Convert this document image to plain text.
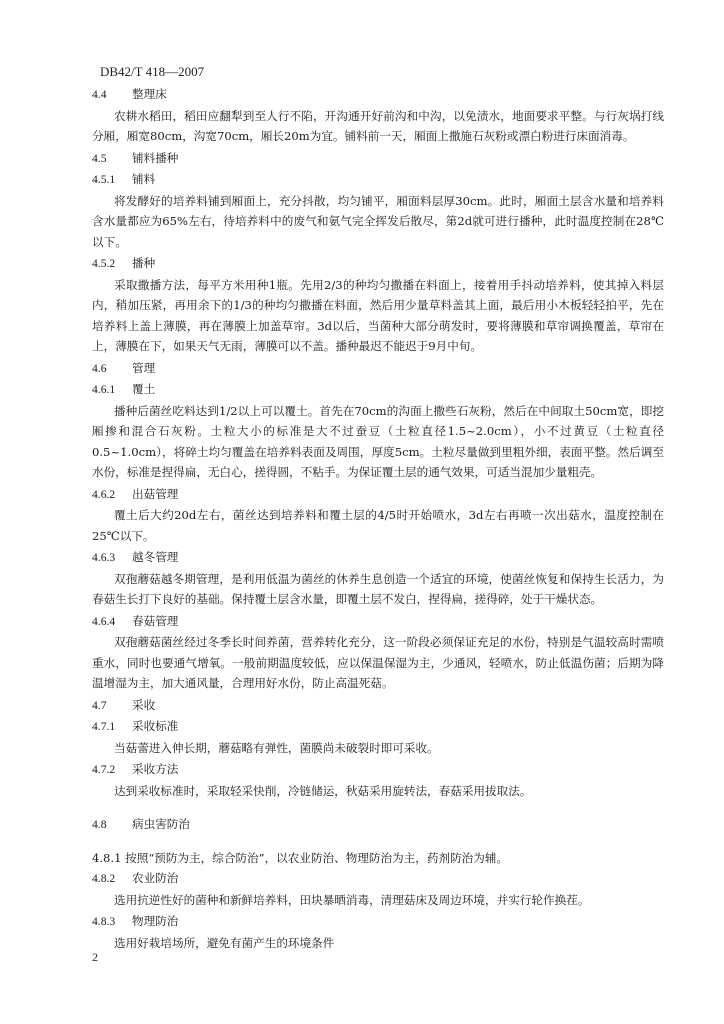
DB42/T 418—2007
4.4 整理床

农耕水稻田，稻田应翻犁到至人行不陷，开沟通开好前沟和中沟，以免渍水，地面要求平整。与行灰埚打线分厢，厢宽80cm，沟宽70cm，厢长20m为宜。铺料前一天，厢面上撒施石灰粉或漂白粉进行床面消毒。

4.5 铺料播种
4.5.1 铺料

将发酵好的培养料铺到厢面上，充分抖散，均匀铺平，厢面料层厚30cm。此时，厢面土层含水量和培养料含水量都应为65%左右，待培养料中的废气和氨气完全挥发后散尽，第2d就可进行播种，此时温度控制在28℃以下。

4.5.2 播种

采取撒播方法，每平方米用种1瓶。先用2/3的种均匀撒播在料面上，接着用手抖动培养料，使其掉入料层内，稍加压紧，再用余下的1/3的种均匀撒播在料面，然后用少量草料盖其上面，最后用小木板轻轻拍平，先在培养料上盖上薄膜，再在薄膜上加盖草帘。3d以后，当菌种大部分萌发时，要将薄膜和草帘调换覆盖，草帘在上，薄膜在下，如果天气无雨，薄膜可以不盖。播种最迟不能迟于9月中旬。

4.6 管理
4.6.1 覆土

播种后菌丝吃料达到1/2以上可以覆土。首先在70cm的沟面上撒些石灰粉，然后在中间取土50cm宽，即挖厢掺和混合石灰粉。土粒大小的标准是大不过蚕豆（土粒直径1.5~2.0cm），小不过黄豆（土粒直径0.5~1.0cm），将碎土均匀覆盖在培养料表面及周围，厚度5cm。土粒尽量做到里粗外细，表面平整。然后调至水份，标准是捏得扁，无白心，搓得圆，不粘手。为保证覆土层的通气效果，可适当混加少量粗壳。

4.6.2 出菇管理

覆土后大约20d左右，菌丝达到培养料和覆土层的4/5时开始喷水，3d左右再喷一次出菇水，温度控制在25℃以下。

4.6.3 越冬管理

双孢蘑菇越冬期管理，是利用低温为菌丝的休养生息创造一个适宜的环境，使菌丝恢复和保持生长活力，为春菇生长打下良好的基础。保持覆土层含水量，即覆土层不发白，捏得扁，搓得碎，处于干燥状态。

4.6.4 春菇管理

双孢蘑菇菌丝经过冬季长时间养菌，营养转化充分，这一阶段必须保证充足的水份，特别是气温较高时需喷重水，同时也要通气增氧。一般前期温度较低，应以保温保湿为主，少通风，轻喷水，防止低温伤菌；后期为降温增湿为主，加大通风量，合理用好水份，防止高温死菇。

4.7 采收
4.7.1 采收标准

当菇蕾进入伸长期，蘑菇略有弹性，菌膜尚未破裂时即可采收。

4.7.2 采收方法

达到采收标准时，采取轻采快削，冷链储运，秋菇采用旋转法，春菇采用拔取法。

4.8 病虫害防治

4.8.1 按照“预防为主，综合防治”，以农业防治、物理防治为主，药剂防治为辅。

4.8.2 农业防治

选用抗逆性好的菌种和新鲜培养料，田块暴晒消毒，清理菇床及周边环境，并实行轮作换茬。

4.8.3 物理防治

选用好栽培场所，避免有菌产生的环境条件

2
